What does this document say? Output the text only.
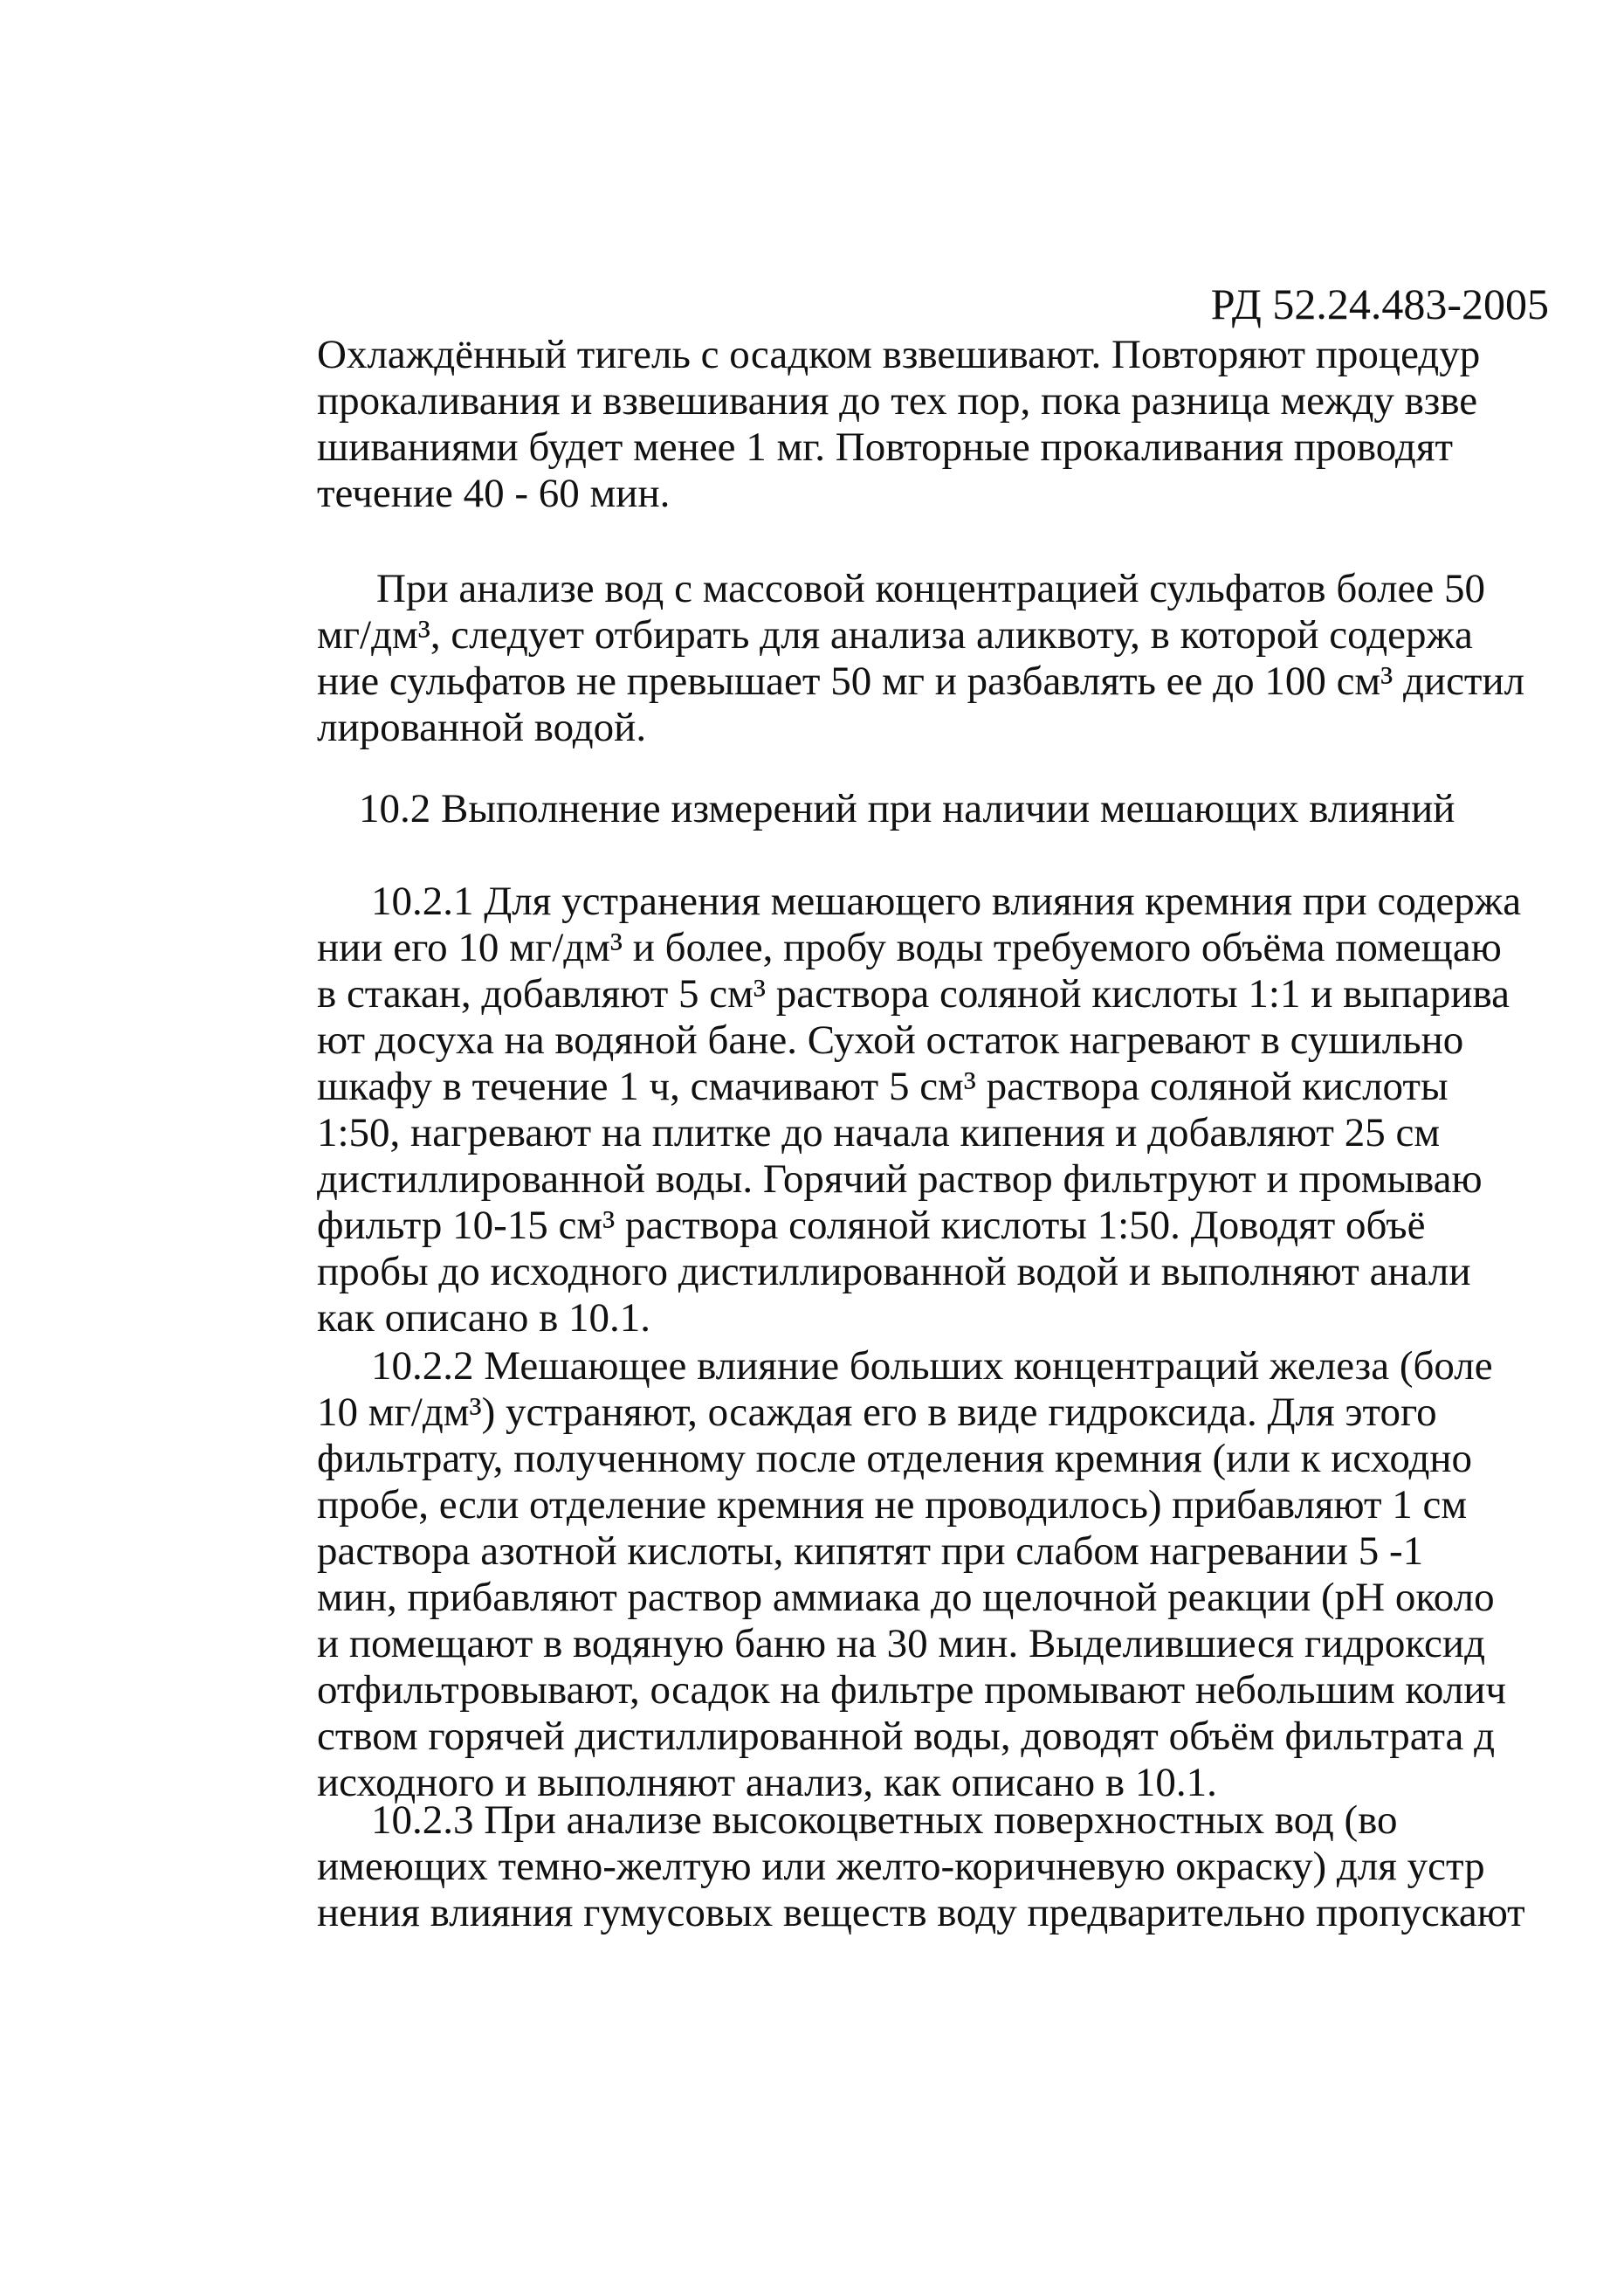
РД 52.24.483-2005
Охлаждённый тигель с осадком взвешивают. Повторяют процедур
прокаливания и взвешивания до тех пор, пока разница между взве
шиваниями будет менее 1 мг. Повторные прокаливания проводят
течение 40 - 60 мин.
При анализе вод с массовой концентрацией сульфатов более 50
мг/дм³, следует отбирать для анализа аликвоту, в которой содержа
ние сульфатов не превышает 50 мг и разбавлять ее до 100 см³ дистил
лированной водой.
10.2 Выполнение измерений при наличии мешающих влияний
10.2.1 Для устранения мешающего влияния кремния при содержа
нии его 10 мг/дм³ и более, пробу воды требуемого объёма помещаю
в стакан, добавляют 5 см³ раствора соляной кислоты 1:1 и выпарива
ют досуха на водяной бане. Сухой остаток нагревают в сушильно
шкафу в течение 1 ч, смачивают 5 см³ раствора соляной кислоты
1:50, нагревают на плитке до начала кипения и добавляют 25 см
дистиллированной воды. Горячий раствор фильтруют и промываю
фильтр 10-15 см³ раствора соляной кислоты 1:50. Доводят объё
пробы до исходного дистиллированной водой и выполняют анали
как описано в 10.1.
10.2.2 Мешающее влияние больших концентраций железа (боле
10 мг/дм³) устраняют, осаждая его в виде гидроксида. Для этого
фильтрату, полученному после отделения кремния (или к исходно
пробе, если отделение кремния не проводилось) прибавляют 1 см
раствора азотной кислоты, кипятят при слабом нагревании 5 -1
мин, прибавляют раствор аммиака до щелочной реакции (pH около
и помещают в водяную баню на 30 мин. Выделившиеся гидроксид
отфильтровывают, осадок на фильтре промывают небольшим колич
ством горячей дистиллированной воды, доводят объём фильтрата д
исходного и выполняют анализ, как описано в 10.1.
10.2.3 При анализе высокоцветных поверхностных вод (во
имеющих темно-желтую или желто-коричневую окраску) для устр
нения влияния гумусовых веществ воду предварительно пропускают
